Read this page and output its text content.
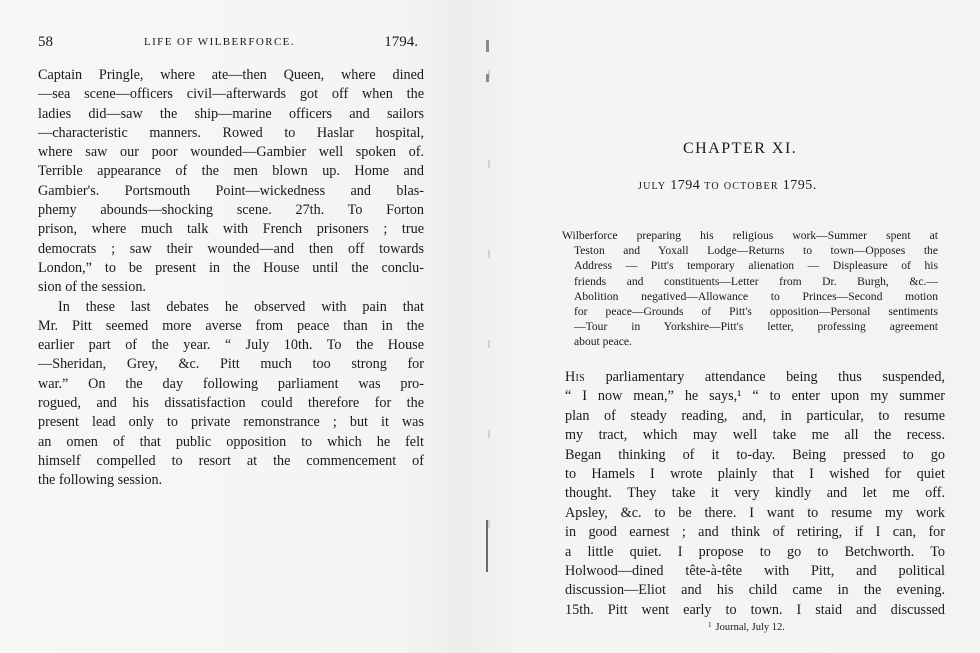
58	LIFE OF WILBERFORCE.	1794.

Captain Pringle, where ate—then Queen, where dined
—sea scene—officers civil—afterwards got off when the
ladies did—saw the ship—marine officers and sailors
—characteristic manners. Rowed to Haslar hospital,
where saw our poor wounded—Gambier well spoken of.
Terrible appearance of the men blown up. Home and
Gambier's. Portsmouth Point—wickedness and blas-
phemy abounds—shocking scene. 27th. To Forton
prison, where much talk with French prisoners ; true
democrats ; saw their wounded—and then off towards
London,” to be present in the House until the conclu-
sion of the session.

In these last debates he observed with pain that
Mr. Pitt seemed more averse from peace than in the
earlier part of the year. “ July 10th. To the House
—Sheridan, Grey, &c. Pitt much too strong for
war.” On the day following parliament was pro-
rogued, and his dissatisfaction could therefore for the
present lead only to private remonstrance ; but it was
an omen of that public opposition to which he felt
himself compelled to resort at the commencement of
the following session.

CHAPTER XI.
JULY 1794 TO OCTOBER 1795.
Wilberforce preparing his religious work—Summer spent at
Teston and Yoxall Lodge—Returns to town—Opposes the
Address — Pitt's temporary alienation — Displeasure of his
friends and constituents—Letter from Dr. Burgh, &c.—
Abolition negatived—Allowance to Princes—Second motion
for peace—Grounds of Pitt's opposition—Personal sentiments
—Tour in Yorkshire—Pitt's letter, professing agreement
about peace.
His parliamentary attendance being thus suspended,
“ I now mean,” he says,¹ “ to enter upon my summer
plan of steady reading, and, in particular, to resume
my tract, which may well take me all the recess.
Began thinking of it to-day. Being pressed to go
to Hamels I wrote plainly that I wished for quiet
thought. They take it very kindly and let me off.
Apsley, &c. to be there. I want to resume my work
in good earnest ; and think of retiring, if I can, for
a little quiet. I propose to go to Betchworth. To
Holwood—dined tête-à-tête with Pitt, and political
discussion—Eliot and his child came in the evening.
15th. Pitt went early to town. I staid and discussed
$^1$ Journal, July 12.
